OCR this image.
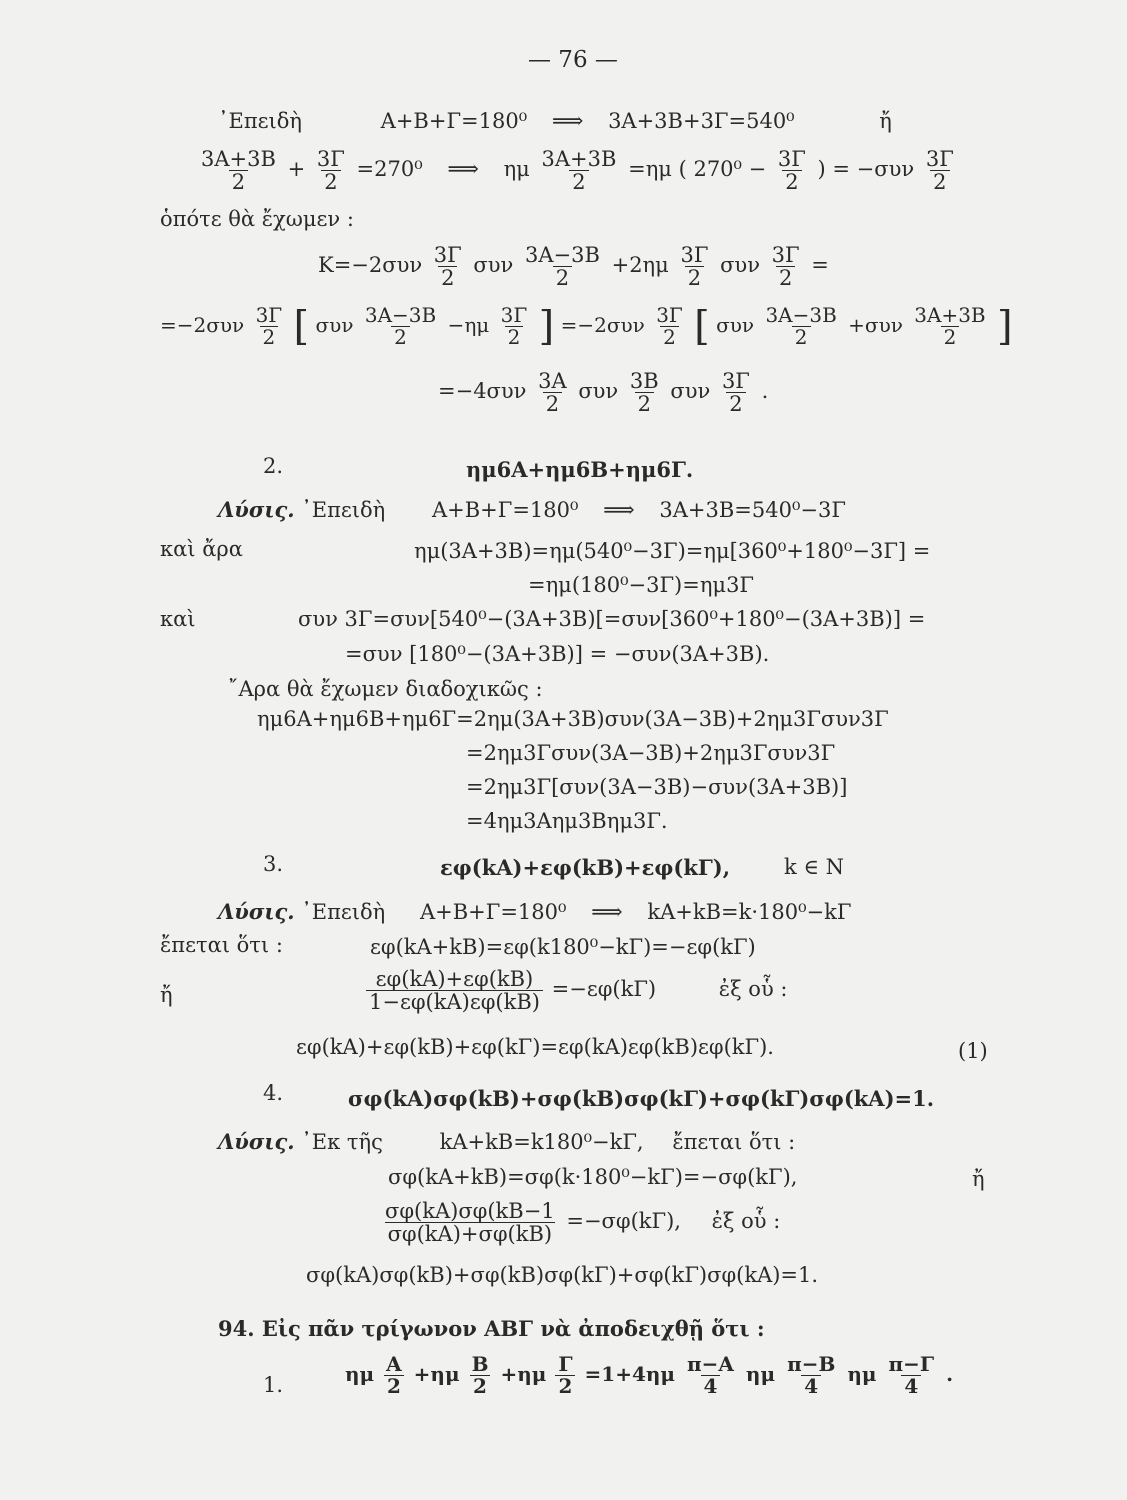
— 76 —
᾽Επειδὴ	Α+Β+Γ=180⁰ ⟹ 3Α+3Β+3Γ=540⁰	ἤ
$\frac{3A+3B}{2} + \frac{3\Gamma}{2} =270^0$ ⟹ ημ $\frac{3A+3B}{2} =\eta\mu$ ( $270^0 - \frac{3\Gamma}{2}$ ) = $-\sigma\upsilon\nu \frac{3\Gamma}{2}$
ὁπότε θὰ ἔχωμεν :
$K=-2\sigma\upsilon\nu \frac{3\Gamma}{2}$ συν $\frac{3A-3B}{2} +2\eta\mu \frac{3\Gamma}{2}$ συν $\frac{3\Gamma}{2}$ =
$=-2\sigma\upsilon\nu \frac{3\Gamma}{2}$ [ συν $\frac{3A-3B}{2} -\eta\mu \frac{3\Gamma}{2}$ ] $=-2\sigma\upsilon\nu \frac{3\Gamma}{2}$ [ συν $\frac{3A-3B}{2} +\sigma\upsilon\nu \frac{3A+3B}{2}$ ]
$=-4\sigma\upsilon\nu \frac{3A}{2}$ συν $\frac{3B}{2}$ συν $\frac{3\Gamma}{2}$ .
2.	ημ6Α+ημ6Β+ημ6Γ.
Λύσις. ᾽Επειδὴ Α+Β+Γ=180⁰ ⟹ 3Α+3Β=540⁰−3Γ
καὶ ἄρα	ημ(3Α+3Β)=ημ(540⁰−3Γ)=ημ[360⁰+180⁰−3Γ] =
=ημ(180⁰−3Γ)=ημ3Γ
καὶ	συν 3Γ=συν[540⁰−(3Α+3Β)[=συν[360⁰+180⁰−(3Α+3Β)] =
=συν [180⁰−(3Α+3Β)] = −συν(3Α+3Β).
῎Αρα θὰ ἔχωμεν διαδοχικῶς :
ημ6Α+ημ6Β+ημ6Γ=2ημ(3Α+3Β)συν(3Α−3Β)+2ημ3Γσυν3Γ
=2ημ3Γσυν(3Α−3Β)+2ημ3Γσυν3Γ
=2ημ3Γ[συν(3Α−3Β)−συν(3Α+3Β)]
=4ημ3Αημ3Βημ3Γ.
3.	εφ(kΑ)+εφ(kΒ)+εφ(kΓ),	k ∈ Ν
Λύσις. ᾽Επειδὴ Α+Β+Γ=180⁰ ⟹ kΑ+kΒ=k·180⁰−kΓ
ἔπεται ὅτι :	εφ(kΑ+kΒ)=εφ(k180⁰−kΓ)=−εφ(kΓ)
ἤ	$\frac{\varepsilon\varphi(kA)+\varepsilon\varphi(kB)}{1-\varepsilon\varphi(kA)\varepsilon\varphi(kB)} =-\varepsilon\varphi(k\Gamma)$	ἐξ οὗ :
εφ(kΑ)+εφ(kΒ)+εφ(kΓ)=εφ(kΑ)εφ(kΒ)εφ(kΓ).	(1)
4.	σφ(kΑ)σφ(kΒ)+σφ(kΒ)σφ(kΓ)+σφ(kΓ)σφ(kΑ)=1.
Λύσις. ᾽Εκ τῆς	kΑ+kΒ=k180⁰−kΓ, ἔπεται ὅτι :
σφ(kΑ+kΒ)=σφ(k·180⁰−kΓ)=−σφ(kΓ),	ἤ
$\frac{\sigma\varphi(kA)\sigma\varphi(kB-1}{\sigma\varphi(kA)+\sigma\varphi(kB)} =-\sigma\varphi(k\Gamma)$, ἐξ οὗ :
σφ(kΑ)σφ(kΒ)+σφ(kΒ)σφ(kΓ)+σφ(kΓ)σφ(kΑ)=1.
94. Εἰς πᾶν τρίγωνον ΑΒΓ νὰ ἀποδειχθῇ ὅτι :
1.	ημ $\frac{A}{2} +\eta\mu \frac{B}{2} +\eta\mu \frac{\Gamma}{2} =1+4\eta\mu \frac{\pi-A}{4}$ ημ $\frac{\pi-B}{4}$ ημ $\frac{\pi-\Gamma}{4}$ .
